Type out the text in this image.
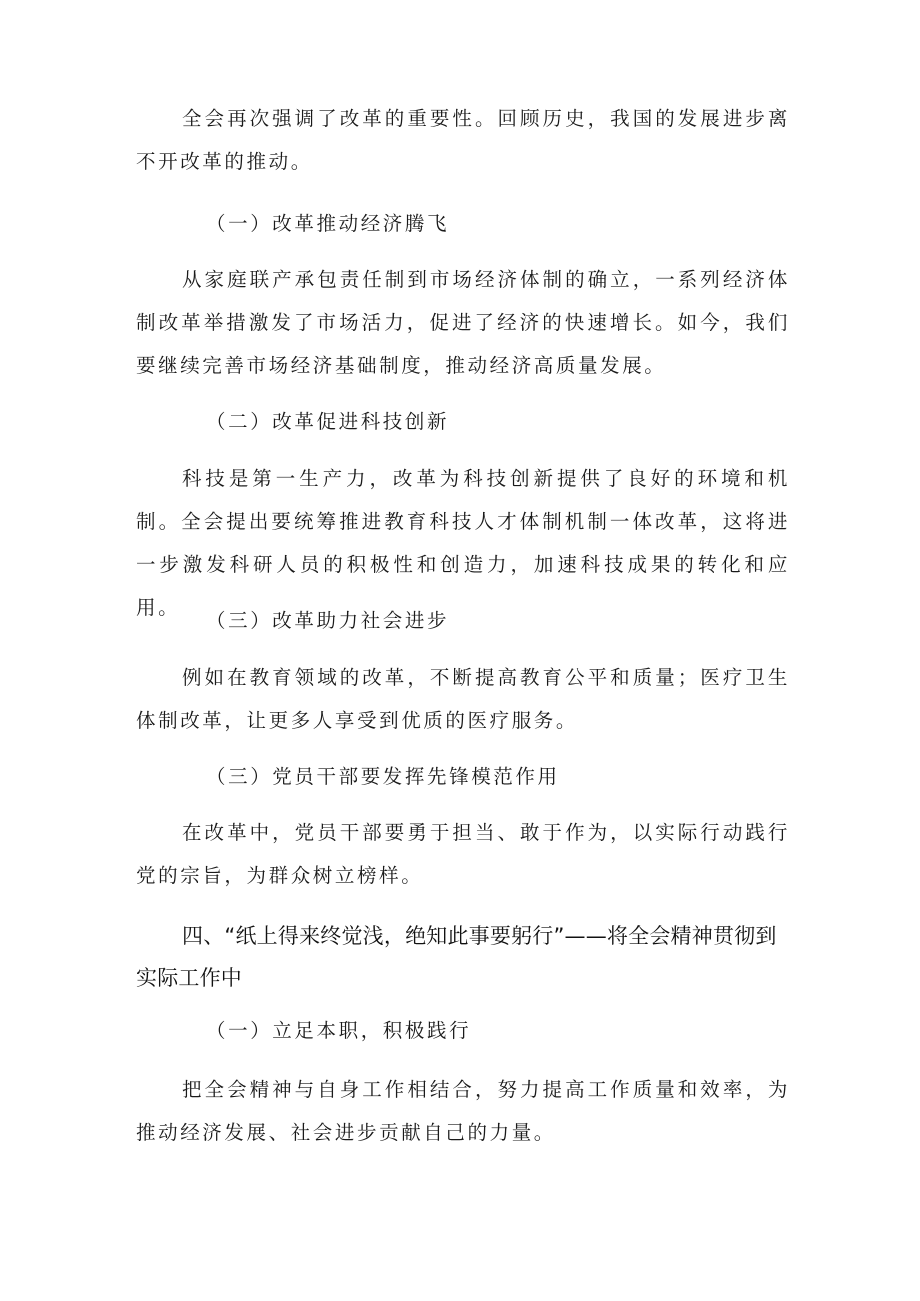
全会再次强调了改革的重要性。回顾历史，我国的发展进步离不开改革的推动。

（一）改革推动经济腾飞

从家庭联产承包责任制到市场经济体制的确立，一系列经济体制改革举措激发了市场活力，促进了经济的快速增长。如今，我们要继续完善市场经济基础制度，推动经济高质量发展。

（二）改革促进科技创新

科技是第一生产力，改革为科技创新提供了良好的环境和机制。全会提出要统筹推进教育科技人才体制机制一体改革，这将进一步激发科研人员的积极性和创造力，加速科技成果的转化和应用。

（三）改革助力社会进步

例如在教育领域的改革，不断提高教育公平和质量；医疗卫生体制改革，让更多人享受到优质的医疗服务。

（三）党员干部要发挥先锋模范作用

在改革中，党员干部要勇于担当、敢于作为，以实际行动践行党的宗旨，为群众树立榜样。

四、“纸上得来终觉浅，绝知此事要躬行”——将全会精神贯彻到实际工作中

（一）立足本职，积极践行

把全会精神与自身工作相结合，努力提高工作质量和效率，为推动经济发展、社会进步贡献自己的力量。
